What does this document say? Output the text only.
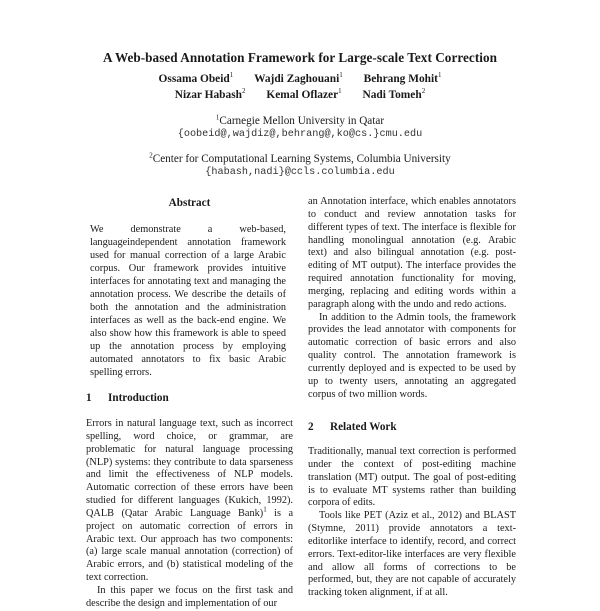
A Web-based Annotation Framework for Large-scale Text Correction
Ossama Obeid$^1$ Wajdi Zaghouani$^1$ Behrang Mohit$^1$
Nizar Habash$^2$ Kemal Oflazer$^1$ Nadi Tomeh$^2$
$^1$Carnegie Mellon University in Qatar
{oobeid@,wajdiz@,behrang@,ko@cs.}cmu.edu
$^2$Center for Computational Learning Systems, Columbia University
{habash,nadi}@ccls.columbia.edu
Abstract

We demonstrate a web-based, languageindependent annotation framework used for manual correction of a large Arabic corpus. Our framework provides intuitive interfaces for annotating text and managing the annotation process. We describe the details of both the annotation and the administration interfaces as well as the back-end engine. We also show how this framework is able to speed up the annotation process by employing automated annotators to fix basic Arabic spelling errors.

1 Introduction

Errors in natural language text, such as incorrect spelling, word choice, or grammar, are problematic for natural language processing (NLP) systems: they contribute to data sparseness and limit the effectiveness of NLP models. Automatic correction of these errors have been studied for different languages (Kukich, 1992). QALB (Qatar Arabic Language Bank)$^1$ is a project on automatic correction of errors in Arabic text. Our approach has two components: (a) large scale manual annotation (correction) of Arabic errors, and (b) statistical modeling of the text correction.

In this paper we focus on the first task and describe the design and implementation of our

an Annotation interface, which enables annotators to conduct and review annotation tasks for different types of text. The interface is flexible for handling monolingual annotation (e.g. Arabic text) and also bilingual annotation (e.g. post-editing of MT output). The interface provides the required annotation functionality for moving, merging, replacing and editing words within a paragraph along with the undo and redo actions.

In addition to the Admin tools, the framework provides the lead annotator with components for automatic correction of basic errors and also quality control. The annotation framework is currently deployed and is expected to be used by up to twenty users, annotating an aggregated corpus of two million words.

2 Related Work

Traditionally, manual text correction is performed under the context of post-editing machine translation (MT) output. The goal of post-editing is to evaluate MT systems rather than building corpora of edits.

Tools like PET (Aziz et al., 2012) and BLAST (Stymne, 2011) provide annotators a text-editorlike interface to identify, record, and correct errors. Text-editor-like interfaces are very flexible and allow all forms of corrections to be performed, but, they are not capable of accurately tracking token alignment, if at all.
